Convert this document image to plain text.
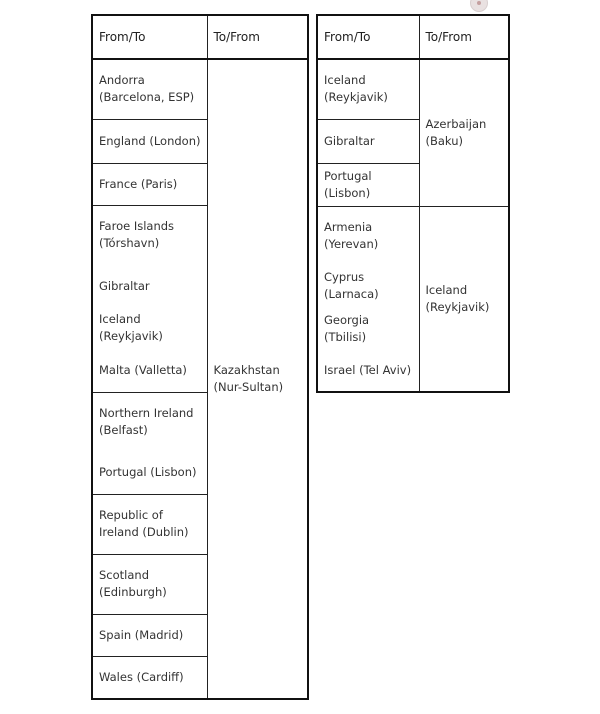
From/To	To/From
Andorra (Barcelona, ESP)	Kazakhstan (Nur-Sultan)
England (London)	
France (Paris)	
Faroe Islands (Tórshavn)	
Gibraltar	
Iceland (Reykjavik)	
Malta (Valletta)	
Northern Ireland (Belfast)	
Portugal (Lisbon)	
Republic of Ireland (Dublin)	
Scotland (Edinburgh)	
Spain (Madrid)	
Wales (Cardiff)	
From/To	To/From
Iceland (Reykjavik)	Azerbaijan (Baku)
Gibraltar	
Portugal (Lisbon)	
Armenia (Yerevan)	Iceland (Reykjavik)
Cyprus (Larnaca)	
Georgia (Tbilisi)	
Israel (Tel Aviv)	
